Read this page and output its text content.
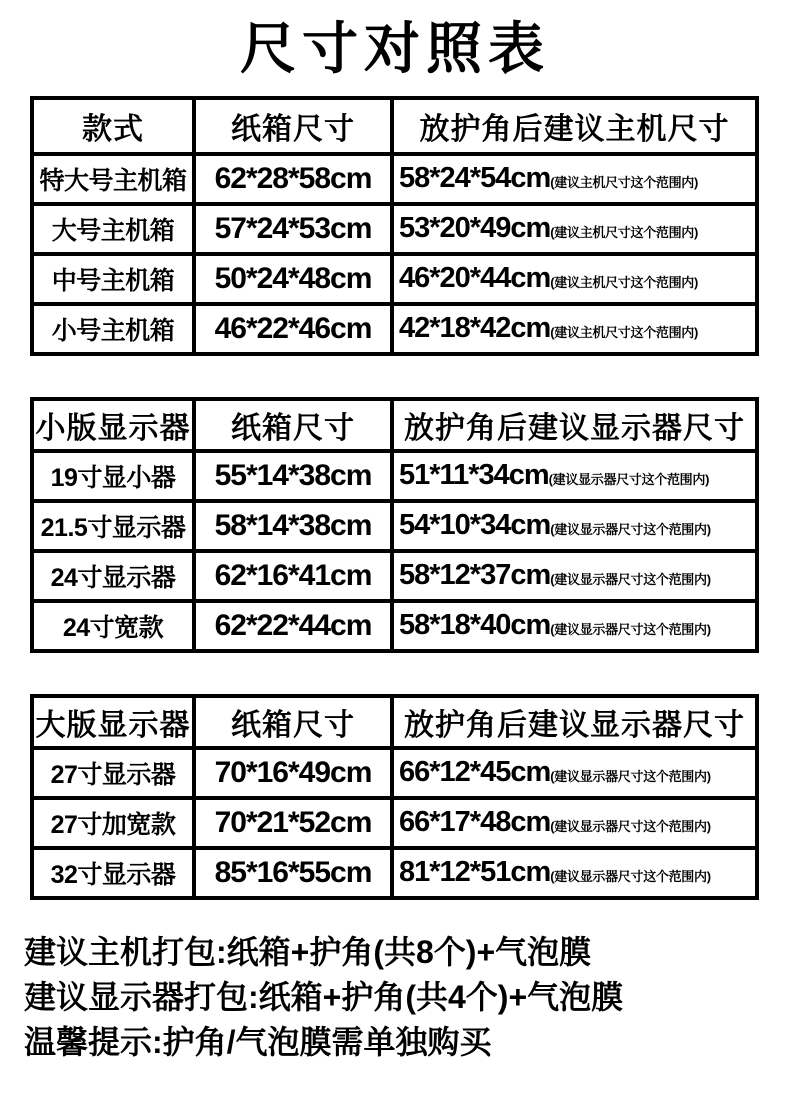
尺寸对照表
款式	纸箱尺寸	放护角后建议主机尺寸
特大号主机箱	62*28*58cm	58*24*54cm(建议主机尺寸这个范围内)
大号主机箱	57*24*53cm	53*20*49cm(建议主机尺寸这个范围内)
中号主机箱	50*24*48cm	46*20*44cm(建议主机尺寸这个范围内)
小号主机箱	46*22*46cm	42*18*42cm(建议主机尺寸这个范围内)
小版显示器	纸箱尺寸	放护角后建议显示器尺寸
19寸显小器	55*14*38cm	51*11*34cm(建议显示器尺寸这个范围内)
21.5寸显示器	58*14*38cm	54*10*34cm(建议显示器尺寸这个范围内)
24寸显示器	62*16*41cm	58*12*37cm(建议显示器尺寸这个范围内)
24寸宽款	62*22*44cm	58*18*40cm(建议显示器尺寸这个范围内)
大版显示器	纸箱尺寸	放护角后建议显示器尺寸
27寸显示器	70*16*49cm	66*12*45cm(建议显示器尺寸这个范围内)
27寸加宽款	70*21*52cm	66*17*48cm(建议显示器尺寸这个范围内)
32寸显示器	85*16*55cm	81*12*51cm(建议显示器尺寸这个范围内)
建议主机打包:纸箱+护角(共8个)+气泡膜
建议显示器打包:纸箱+护角(共4个)+气泡膜
温馨提示:护角/气泡膜需单独购买
